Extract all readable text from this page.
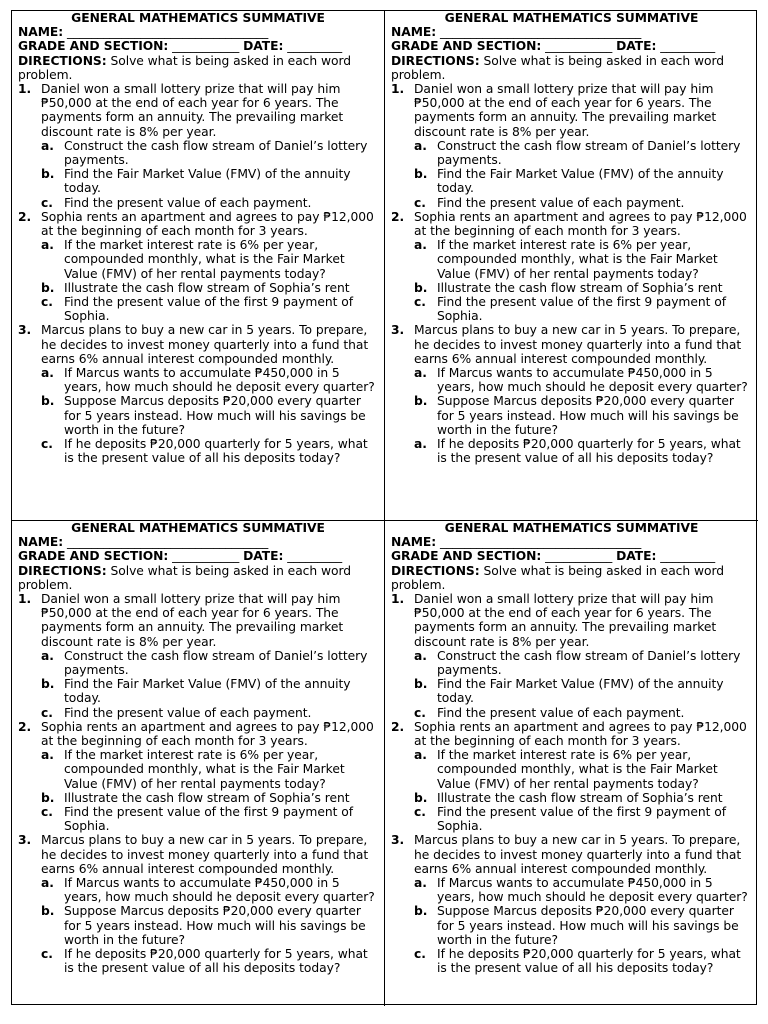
GENERAL MATHEMATICS SUMMATIVE
NAME: _________________________________
GRADE AND SECTION: ___________ DATE: _________
DIRECTIONS: Solve what is being asked in each word problem.
1. Daniel won a small lottery prize that will pay him ₱50,000 at the end of each year for 6 years. The payments form an annuity. The prevailing market discount rate is 8% per year.
a. Construct the cash flow stream of Daniel’s lottery payments.
b. Find the Fair Market Value (FMV) of the annuity today.
c. Find the present value of each payment.
2. Sophia rents an apartment and agrees to pay ₱12,000 at the beginning of each month for 3 years.
a. If the market interest rate is 6% per year, compounded monthly, what is the Fair Market Value (FMV) of her rental payments today?
b. Illustrate the cash flow stream of Sophia’s rent
c. Find the present value of the first 9 payment of Sophia.
3. Marcus plans to buy a new car in 5 years. To prepare, he decides to invest money quarterly into a fund that earns 6% annual interest compounded monthly.
a. If Marcus wants to accumulate ₱450,000 in 5 years, how much should he deposit every quarter?
b. Suppose Marcus deposits ₱20,000 every quarter for 5 years instead. How much will his savings be worth in the future?
c. If he deposits ₱20,000 quarterly for 5 years, what is the present value of all his deposits today?
GENERAL MATHEMATICS SUMMATIVE
NAME: _________________________________
GRADE AND SECTION: ___________ DATE: _________
DIRECTIONS: Solve what is being asked in each word problem.
1. Daniel won a small lottery prize that will pay him ₱50,000 at the end of each year for 6 years. The payments form an annuity. The prevailing market discount rate is 8% per year.
a. Construct the cash flow stream of Daniel’s lottery payments.
b. Find the Fair Market Value (FMV) of the annuity today.
c. Find the present value of each payment.
2. Sophia rents an apartment and agrees to pay ₱12,000 at the beginning of each month for 3 years.
a. If the market interest rate is 6% per year, compounded monthly, what is the Fair Market Value (FMV) of her rental payments today?
b. Illustrate the cash flow stream of Sophia’s rent
c. Find the present value of the first 9 payment of Sophia.
3. Marcus plans to buy a new car in 5 years. To prepare, he decides to invest money quarterly into a fund that earns 6% annual interest compounded monthly.
a. If Marcus wants to accumulate ₱450,000 in 5 years, how much should he deposit every quarter?
b. Suppose Marcus deposits ₱20,000 every quarter for 5 years instead. How much will his savings be worth in the future?
a. If he deposits ₱20,000 quarterly for 5 years, what is the present value of all his deposits today?
GENERAL MATHEMATICS SUMMATIVE
NAME: _________________________________
GRADE AND SECTION: ___________ DATE: _________
DIRECTIONS: Solve what is being asked in each word problem.
1. Daniel won a small lottery prize that will pay him ₱50,000 at the end of each year for 6 years. The payments form an annuity. The prevailing market discount rate is 8% per year.
a. Construct the cash flow stream of Daniel’s lottery payments.
b. Find the Fair Market Value (FMV) of the annuity today.
c. Find the present value of each payment.
2. Sophia rents an apartment and agrees to pay ₱12,000 at the beginning of each month for 3 years.
a. If the market interest rate is 6% per year, compounded monthly, what is the Fair Market Value (FMV) of her rental payments today?
b. Illustrate the cash flow stream of Sophia’s rent
c. Find the present value of the first 9 payment of Sophia.
3. Marcus plans to buy a new car in 5 years. To prepare, he decides to invest money quarterly into a fund that earns 6% annual interest compounded monthly.
a. If Marcus wants to accumulate ₱450,000 in 5 years, how much should he deposit every quarter?
b. Suppose Marcus deposits ₱20,000 every quarter for 5 years instead. How much will his savings be worth in the future?
c. If he deposits ₱20,000 quarterly for 5 years, what is the present value of all his deposits today?
GENERAL MATHEMATICS SUMMATIVE
NAME: _________________________________
GRADE AND SECTION: ___________ DATE: _________
DIRECTIONS: Solve what is being asked in each word problem.
1. Daniel won a small lottery prize that will pay him ₱50,000 at the end of each year for 6 years. The payments form an annuity. The prevailing market discount rate is 8% per year.
a. Construct the cash flow stream of Daniel’s lottery payments.
b. Find the Fair Market Value (FMV) of the annuity today.
c. Find the present value of each payment.
2. Sophia rents an apartment and agrees to pay ₱12,000 at the beginning of each month for 3 years.
a. If the market interest rate is 6% per year, compounded monthly, what is the Fair Market Value (FMV) of her rental payments today?
b. Illustrate the cash flow stream of Sophia’s rent
c. Find the present value of the first 9 payment of Sophia.
3. Marcus plans to buy a new car in 5 years. To prepare, he decides to invest money quarterly into a fund that earns 6% annual interest compounded monthly.
a. If Marcus wants to accumulate ₱450,000 in 5 years, how much should he deposit every quarter?
b. Suppose Marcus deposits ₱20,000 every quarter for 5 years instead. How much will his savings be worth in the future?
c. If he deposits ₱20,000 quarterly for 5 years, what is the present value of all his deposits today?
